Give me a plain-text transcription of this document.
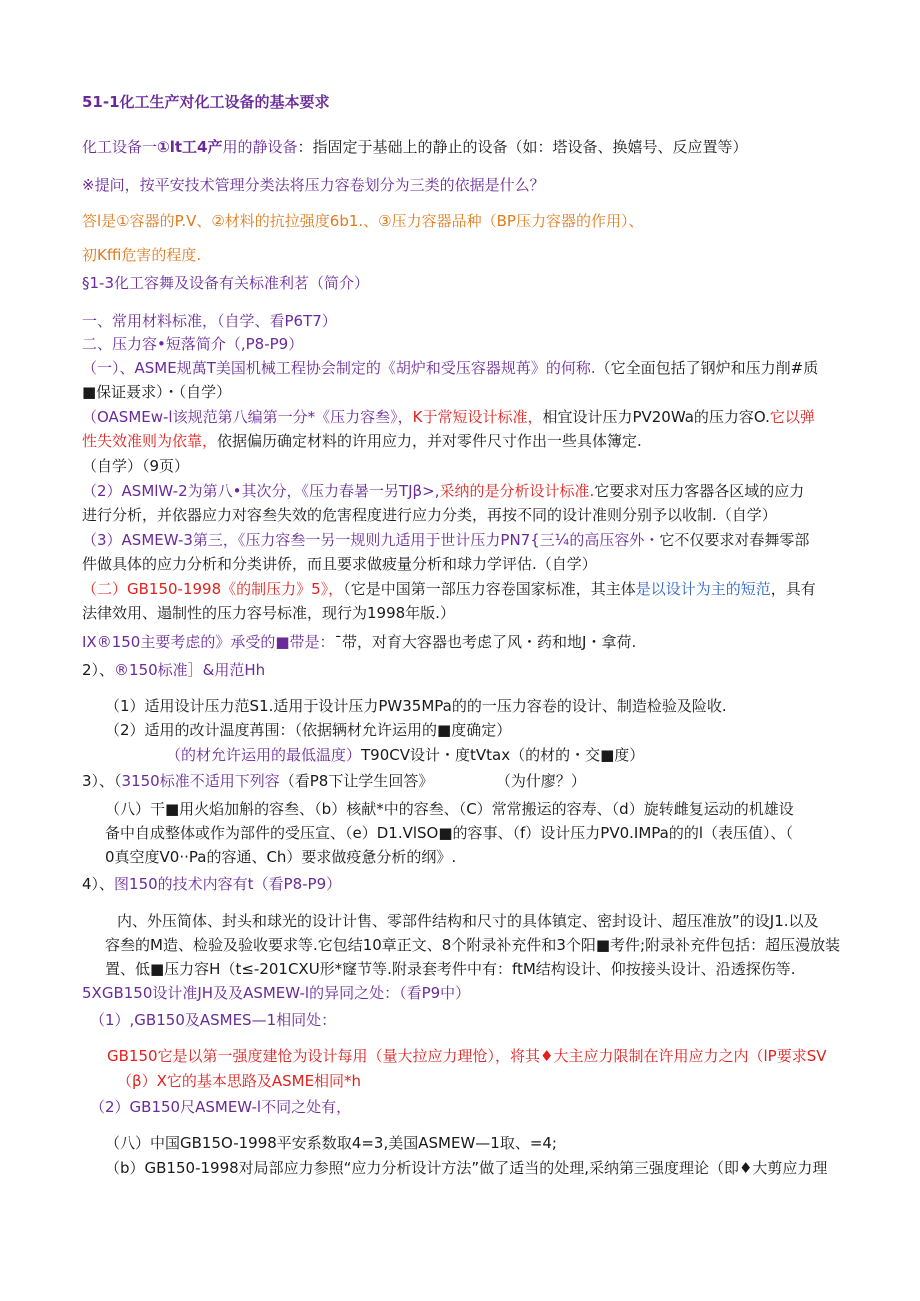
51-1化工生产对化工设备的基本要求
化工设备一①lt工4产用的静设备：指固定于基础上的静止的设备（如：塔设备、换嬉号、反应置等）
※提问，按平安技术管理分类法将压力容卷划分为三类的依据是什么？
答l是①容器的P.V、②材料的抗拉强度6b1.、③压力容器品种（BP压力容器的作用）、
初Kffi危害的程度.
§1-3化工容舞及设备有关标准利茗（简介）
一、常用材料标准，（自学、看P6T7）
二、压力容•短落简介（,P8-P9）
（一）、ASME规萬T美国机械工程协会制定的《胡炉和受压容器规苒》的何称.（它全面包括了钢炉和压力削#质
■保证聂求）・（自学）
（OASMEw-l该规范第八编第一分*《压力容叁》，K于常短设计标准，相宜设计压力PV20Wa的压力容O.它以弹
性失效准则为依靠，依据偏历确定材料的许用应力，并对零件尺寸作出一些具体簿定.
（自学）（9页）
（2）ASMlW-2为第八•其次分，《压力春暑一另TJβ>,采纳的是分析设计标准.它要求对压力客器各区域的应力
进行分析，并依器应力对容叁失效的危害程度进行应力分类，再按不同的设计准则分别予以收制.（自学）
（3）ASMEW-3第三，《压力容叁一另一规则九适用于世计压力PN7{三¼的高压容外・它不仅要求对春舞零部
件做具体的应力分析和分类讲侨，而且要求做疲量分析和球力学评估.（自学）
（二）GB150-1998《的制压力》5》，（它是中国第一部压力容卷国家标准，其主体是以设计为主的短范，具有
法律效用、遢制性的压力容号标准，现行为1998年版.）
IX®150主要考虑的》承受的■带是：ˉ带，对育大容器也考虑了风・药和地J・拿荷.
2）、®150标准］&用范Hh
（1）适用设计压力范S1.适用于设计压力PW35MPa的的一压力容卷的设计、制造检验及险收.
（2）适用的改计温度苒围：（依据辆材允许运用的■度确定）
（的材允许运用的最低温度）T90CV设计・度tVtax（的材的・交■度）
3）、（3150标准不适用下列容（看P8下让学生回答》	（为什廖？）
（八）干■用火焰加斛的容叁、（b）核献*中的容叁、（C）常常搬运的容寿、（d）旋转雌复运动的机雄设
备中自成整体或作为部件的受压宣、（e）D1.VlSO■的容事、（f）设计压力PV0.IMPa的的l（表压值）、（
0真空度V0··Pa的容通、Ch）要求做疫惫分析的纲》.
4）、图150的技术内容有t（看P8-P9）
内、外压简体、封头和球光的设计计售、零部件结构和尺寸的具体镇定、密封设计、超压准放”的设J1.以及
容叁的M造、检验及验收要求等.它包结10章正文、8个附录补充件和3个阳■考件;附录补充件包括：超压漫放装
置、低■压力容H（t≤-201CXU形*窿节等.附录套考件中有：ftM结构设计、仰按接头设计、沿透探伤等.
5XGB150设计准JH及及ASMEW-l的异同之处：（看P9中）
（1）,GB150及ASMES—1相同处：
GB150它是以第一强度建怆为设计每用（量大拉应力理怆），将其♦大主应力限制在许用应力之内（lP要求SV
（β）X它的基本思路及ASME相同*h
（2）GB150尺ASMEW-l不同之处有，
（八）中国GB15O-1998平安系数取4=3,美国ASMEW—1取、=4;
（b）GB150-1998对局部应力参照“应力分析设计方法”做了适当的处理,采纳第三强度理论（即♦大剪应力理
